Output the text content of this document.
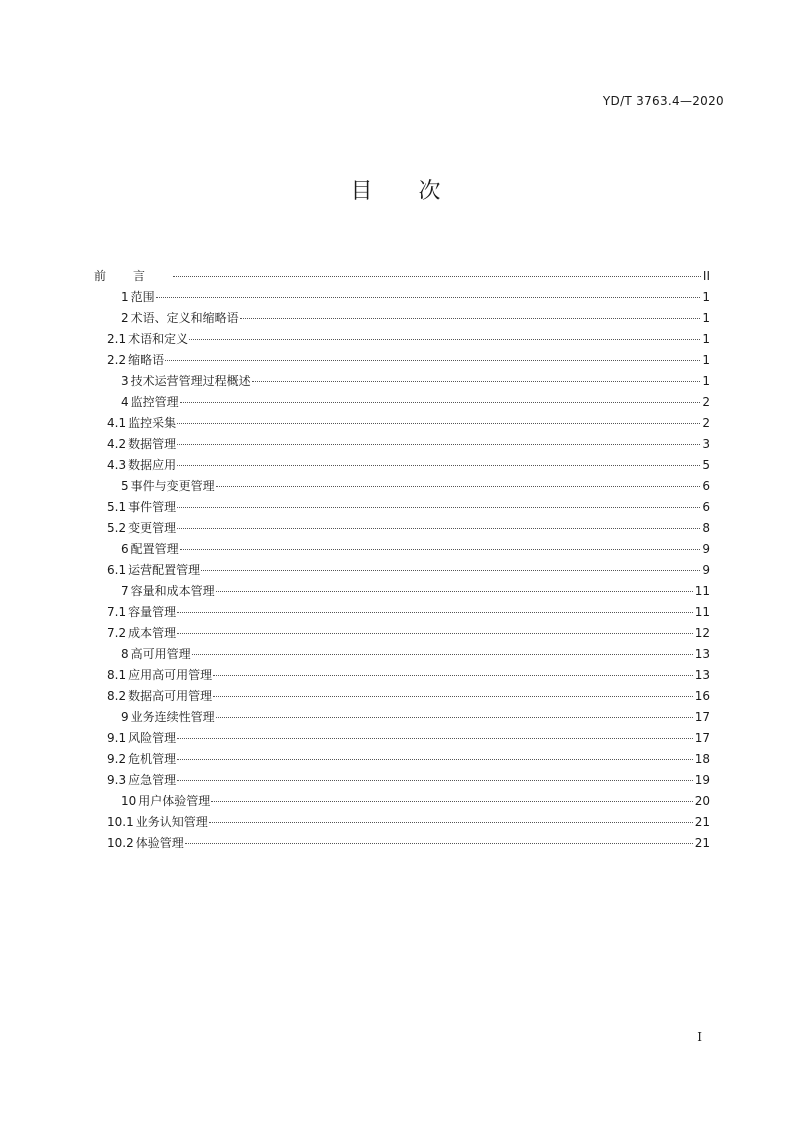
YD/T 3763.4—2020
目 次
前言	II
1 范围	1
2 术语、定义和缩略语	1
2.1 术语和定义	1
2.2 缩略语	1
3 技术运营管理过程概述	1
4 监控管理	2
4.1 监控采集	2
4.2 数据管理	3
4.3 数据应用	5
5 事件与变更管理	6
5.1 事件管理	6
5.2 变更管理	8
6 配置管理	9
6.1 运营配置管理	9
7 容量和成本管理	11
7.1 容量管理	11
7.2 成本管理	12
8 高可用管理	13
8.1 应用高可用管理	13
8.2 数据高可用管理	16
9 业务连续性管理	17
9.1 风险管理	17
9.2 危机管理	18
9.3 应急管理	19
10 用户体验管理	20
10.1 业务认知管理	21
10.2 体验管理	21
I
